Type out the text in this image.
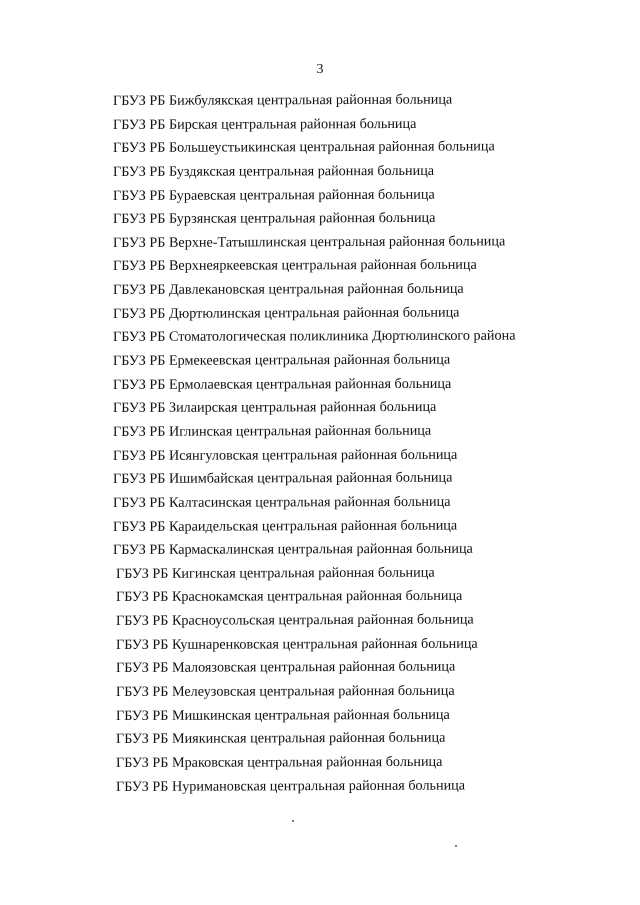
3
ГБУЗ РБ Бижбулякская центральная районная больница
ГБУЗ РБ Бирская центральная районная больница
ГБУЗ РБ Большеустьикинская центральная районная больница
ГБУЗ РБ Буздякская центральная районная больница
ГБУЗ РБ Бураевская центральная районная больница
ГБУЗ РБ Бурзянская центральная районная больница
ГБУЗ РБ Верхне-Татышлинская центральная районная больница
ГБУЗ РБ Верхнеяркеевская центральная районная больница
ГБУЗ РБ Давлекановская центральная районная больница
ГБУЗ РБ Дюртюлинская центральная районная больница
ГБУЗ РБ Стоматологическая поликлиника Дюртюлинского района
ГБУЗ РБ Ермекеевская центральная районная больница
ГБУЗ РБ Ермолаевская центральная районная больница
ГБУЗ РБ Зилаирская центральная районная больница
ГБУЗ РБ Иглинская центральная районная больница
ГБУЗ РБ Исянгуловская центральная районная больница
ГБУЗ РБ Ишимбайская центральная районная больница
ГБУЗ РБ Калтасинская центральная районная больница
ГБУЗ РБ Караидельская центральная районная больница
ГБУЗ РБ Кармаскалинская центральная районная больница
ГБУЗ РБ Кигинская центральная районная больница
ГБУЗ РБ Краснокамская центральная районная больница
ГБУЗ РБ Красноусольская центральная районная больница
ГБУЗ РБ Кушнаренковская центральная районная больница
ГБУЗ РБ Малоязовская центральная районная больница
ГБУЗ РБ Мелеузовская центральная районная больница
ГБУЗ РБ Мишкинская центральная районная больница
ГБУЗ РБ Миякинская центральная районная больница
ГБУЗ РБ Мраковская центральная районная больница
ГБУЗ РБ Нуримановская центральная районная больница
